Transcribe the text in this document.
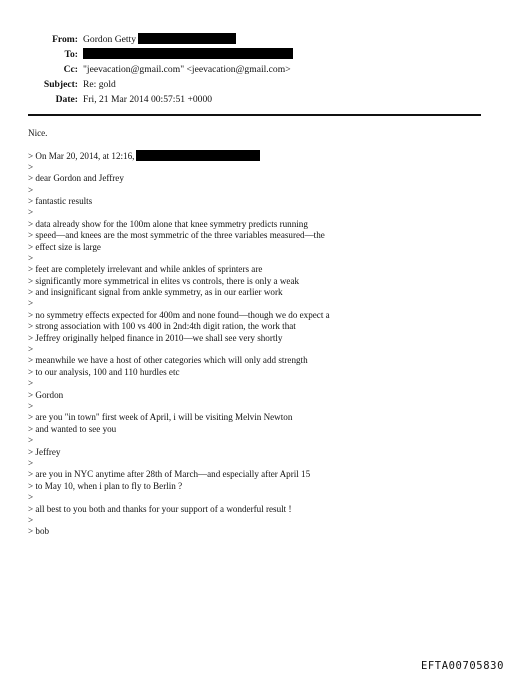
From: Gordon Getty
To:
Cc: "jeevacation@gmail.com" <jeevacation@gmail.com>
Subject: Re: gold
Date: Fri, 21 Mar 2014 00:57:51 +0000
Nice.
> On Mar 20, 2014, at 12:16,
>
> dear Gordon and Jeffrey
>
> fantastic results
>
> data already show for the 100m alone that knee symmetry predicts running
> speed—and knees are the most symmetric of the three variables measured—the
> effect size is large
>
> feet are completely irrelevant and while ankles of sprinters are
> significantly more symmetrical in elites vs controls, there is only a weak
> and insignificant signal from ankle symmetry, as in our earlier work
>
> no symmetry effects expected for 400m and none found—though we do expect a
> strong association with 100 vs 400 in 2nd:4th digit ration, the work that
> Jeffrey originally helped finance in 2010—we shall see very shortly
>
> meanwhile we have a host of other categories which will only add strength
> to our analysis, 100 and 110 hurdles etc
>
> Gordon
>
> are you "in town" first week of April, i will be visiting Melvin Newton
> and wanted to see you
>
> Jeffrey
>
> are you in NYC anytime after 28th of March—and especially after April 15
> to May 10, when i plan to fly to Berlin ?
>
> all best to you both and thanks for your support of a wonderful result !
>
> bob
EFTA00705830
